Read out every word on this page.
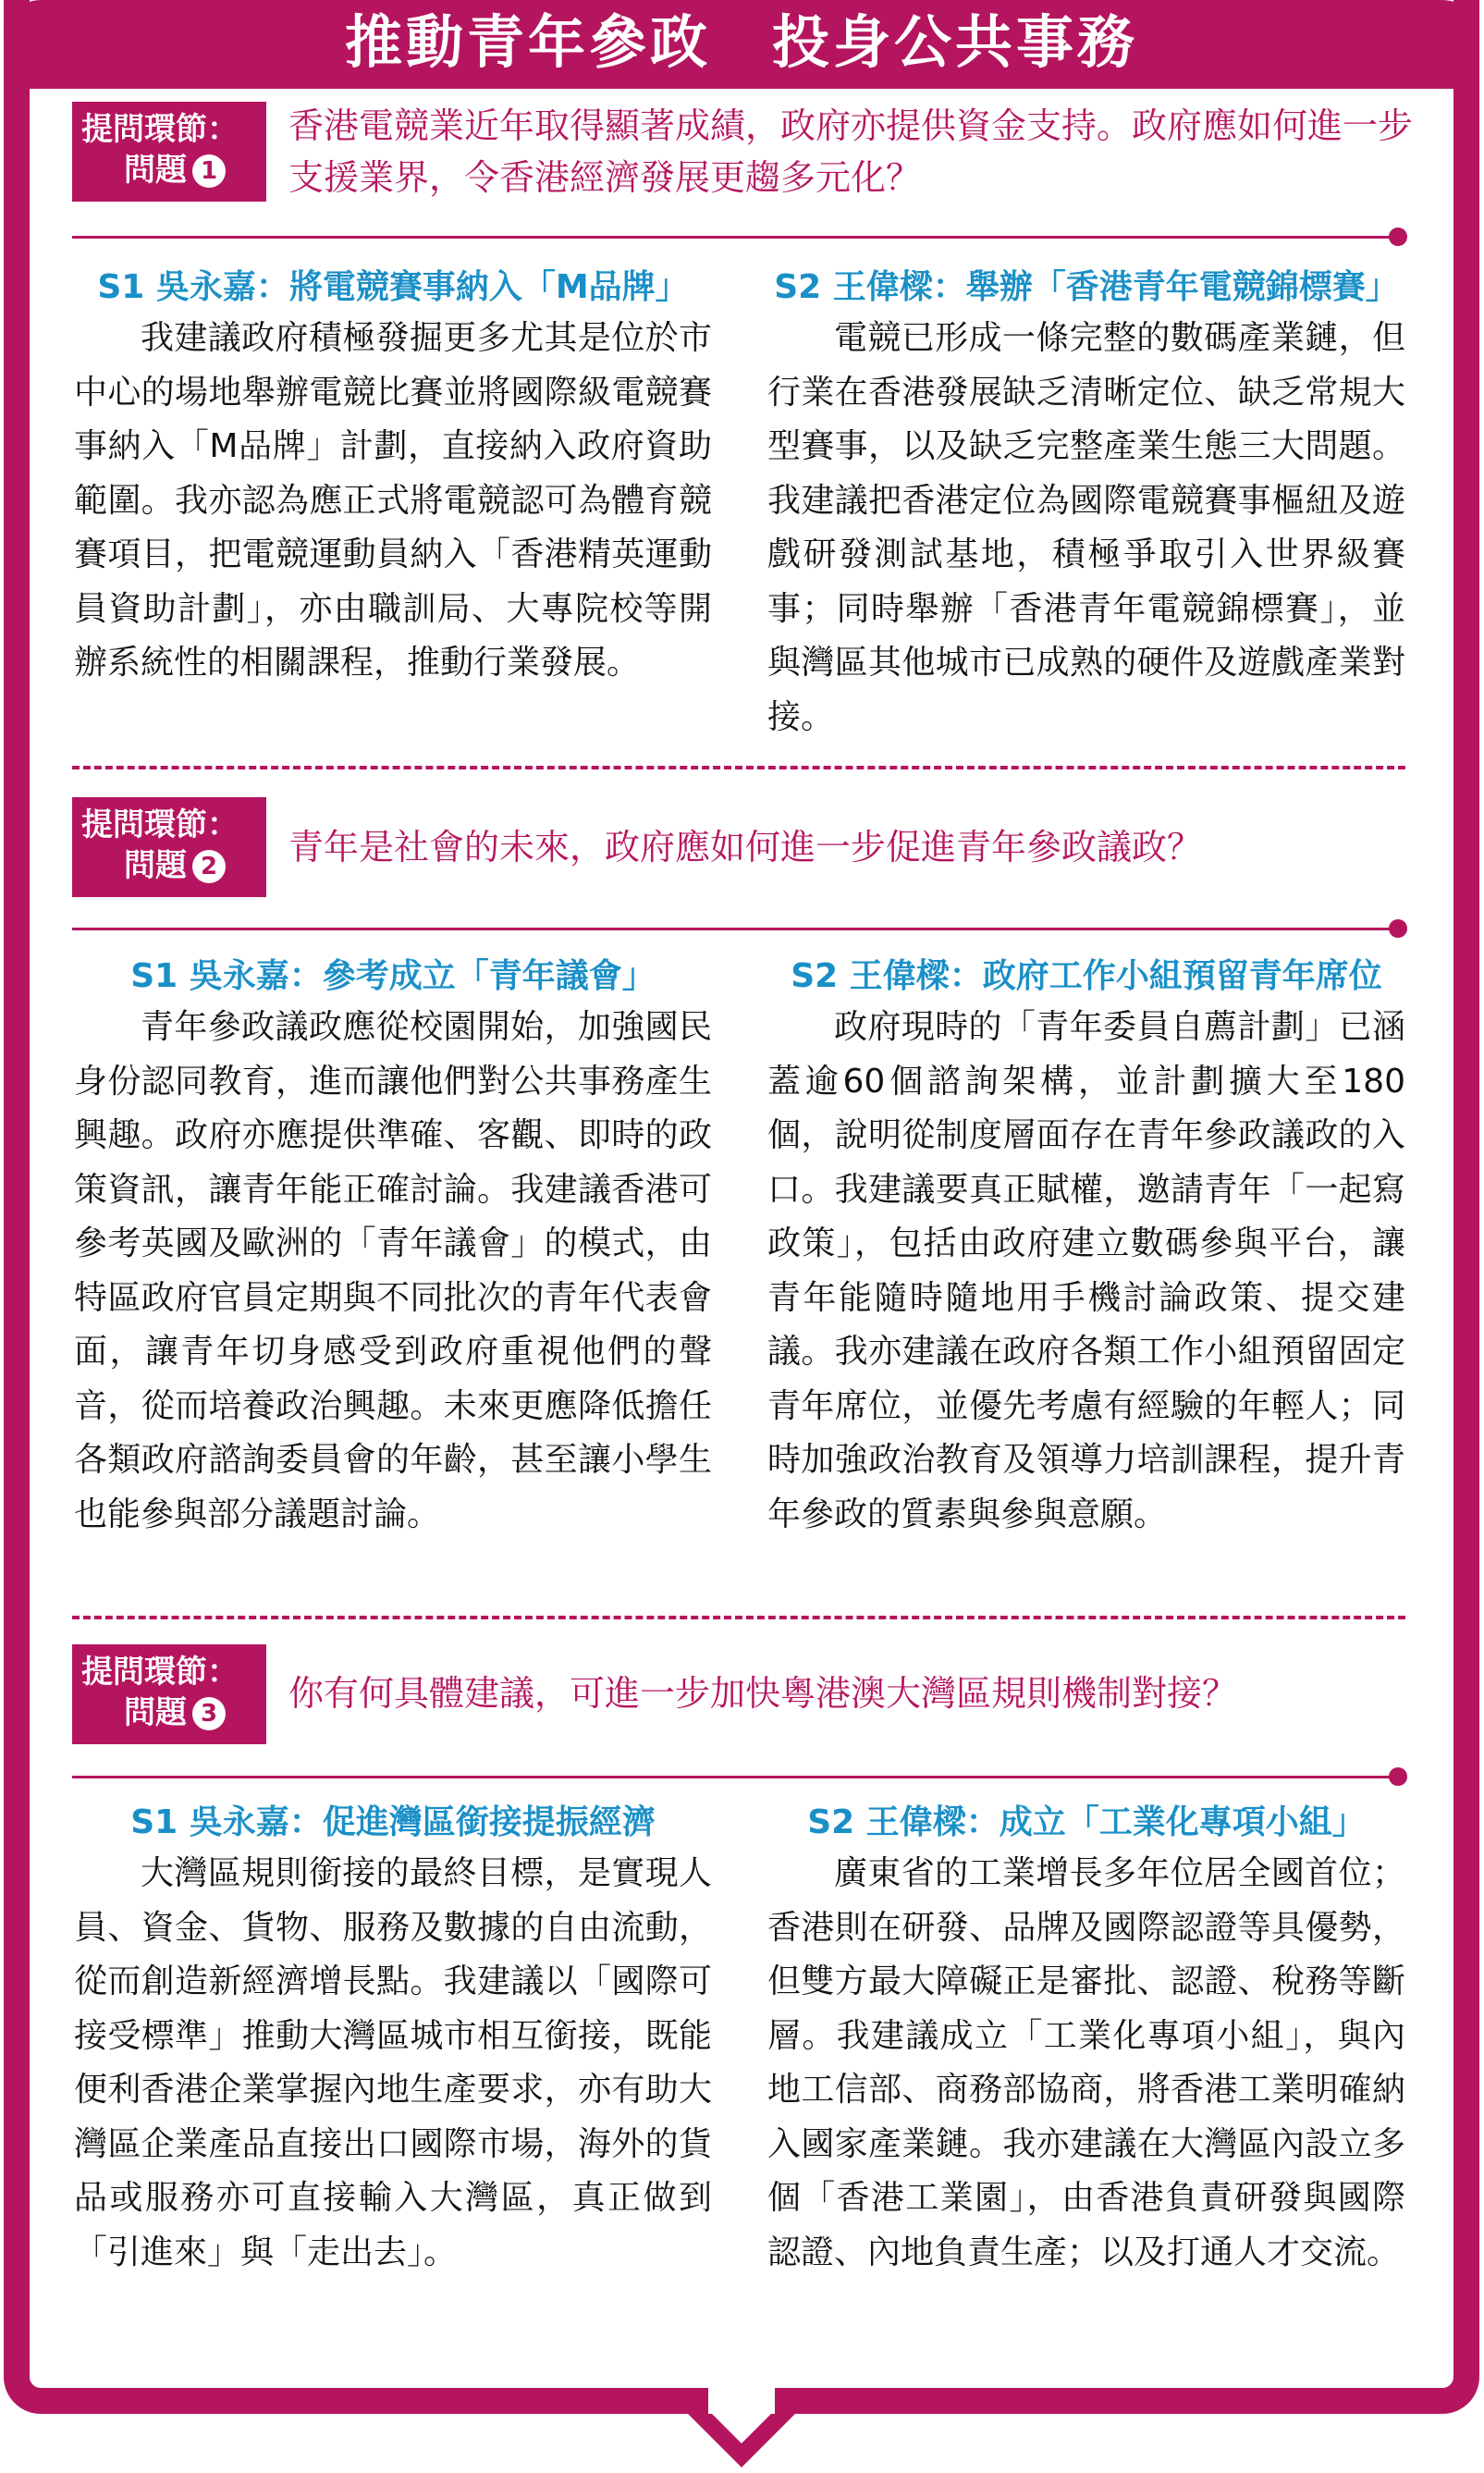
推動青年參政　投身公共事務
提問環節：
問題 1
香港電競業近年取得顯著成績，政府亦提供資金支持。政府應如何進一步支援業界，令香港經濟發展更趨多元化？
S1 吳永嘉：將電競賽事納入「M品牌」

我建議政府積極發掘更多尤其是位於市中心的場地舉辦電競比賽並將國際級電競賽事納入「M品牌」計劃，直接納入政府資助範圍。我亦認為應正式將電競認可為體育競賽項目，把電競運動員納入「香港精英運動員資助計劃」，亦由職訓局、大專院校等開辦系統性的相關課程，推動行業發展。

S2 王偉樑：舉辦「香港青年電競錦標賽」

電競已形成一條完整的數碼產業鏈，但行業在香港發展缺乏清晰定位、缺乏常規大型賽事，以及缺乏完整產業生態三大問題。我建議把香港定位為國際電競賽事樞紐及遊戲研發測試基地，積極爭取引入世界級賽事；同時舉辦「香港青年電競錦標賽」，並與灣區其他城市已成熟的硬件及遊戲產業對接。

提問環節：
問題 2	青年是社會的未來，政府應如何進一步促進青年參政議政？
S1 吳永嘉：參考成立「青年議會」

青年參政議政應從校園開始，加強國民身份認同教育，進而讓他們對公共事務產生興趣。政府亦應提供準確、客觀、即時的政策資訊，讓青年能正確討論。我建議香港可參考英國及歐洲的「青年議會」的模式，由特區政府官員定期與不同批次的青年代表會面，讓青年切身感受到政府重視他們的聲音，從而培養政治興趣。未來更應降低擔任各類政府諮詢委員會的年齡，甚至讓小學生也能參與部分議題討論。

S2 王偉樑：政府工作小組預留青年席位

政府現時的「青年委員自薦計劃」已涵蓋逾60個諮詢架構，並計劃擴大至180個，說明從制度層面存在青年參政議政的入口。我建議要真正賦權，邀請青年「一起寫政策」，包括由政府建立數碼參與平台，讓青年能隨時隨地用手機討論政策、提交建議。我亦建議在政府各類工作小組預留固定青年席位，並優先考慮有經驗的年輕人；同時加強政治教育及領導力培訓課程，提升青年參政的質素與參與意願。

提問環節：
問題 3	你有何具體建議，可進一步加快粵港澳大灣區規則機制對接？
S1 吳永嘉：促進灣區銜接提振經濟

大灣區規則銜接的最終目標，是實現人員、資金、貨物、服務及數據的自由流動，從而創造新經濟增長點。我建議以「國際可接受標準」推動大灣區城市相互銜接，既能便利香港企業掌握內地生產要求，亦有助大灣區企業產品直接出口國際市場，海外的貨品或服務亦可直接輸入大灣區，真正做到「引進來」與「走出去」。

S2 王偉樑：成立「工業化專項小組」

廣東省的工業增長多年位居全國首位；香港則在研發、品牌及國際認證等具優勢，但雙方最大障礙正是審批、認證、稅務等斷層。我建議成立「工業化專項小組」，與內地工信部、商務部協商，將香港工業明確納入國家產業鏈。我亦建議在大灣區內設立多個「香港工業園」，由香港負責研發與國際認證、內地負責生產；以及打通人才交流。
